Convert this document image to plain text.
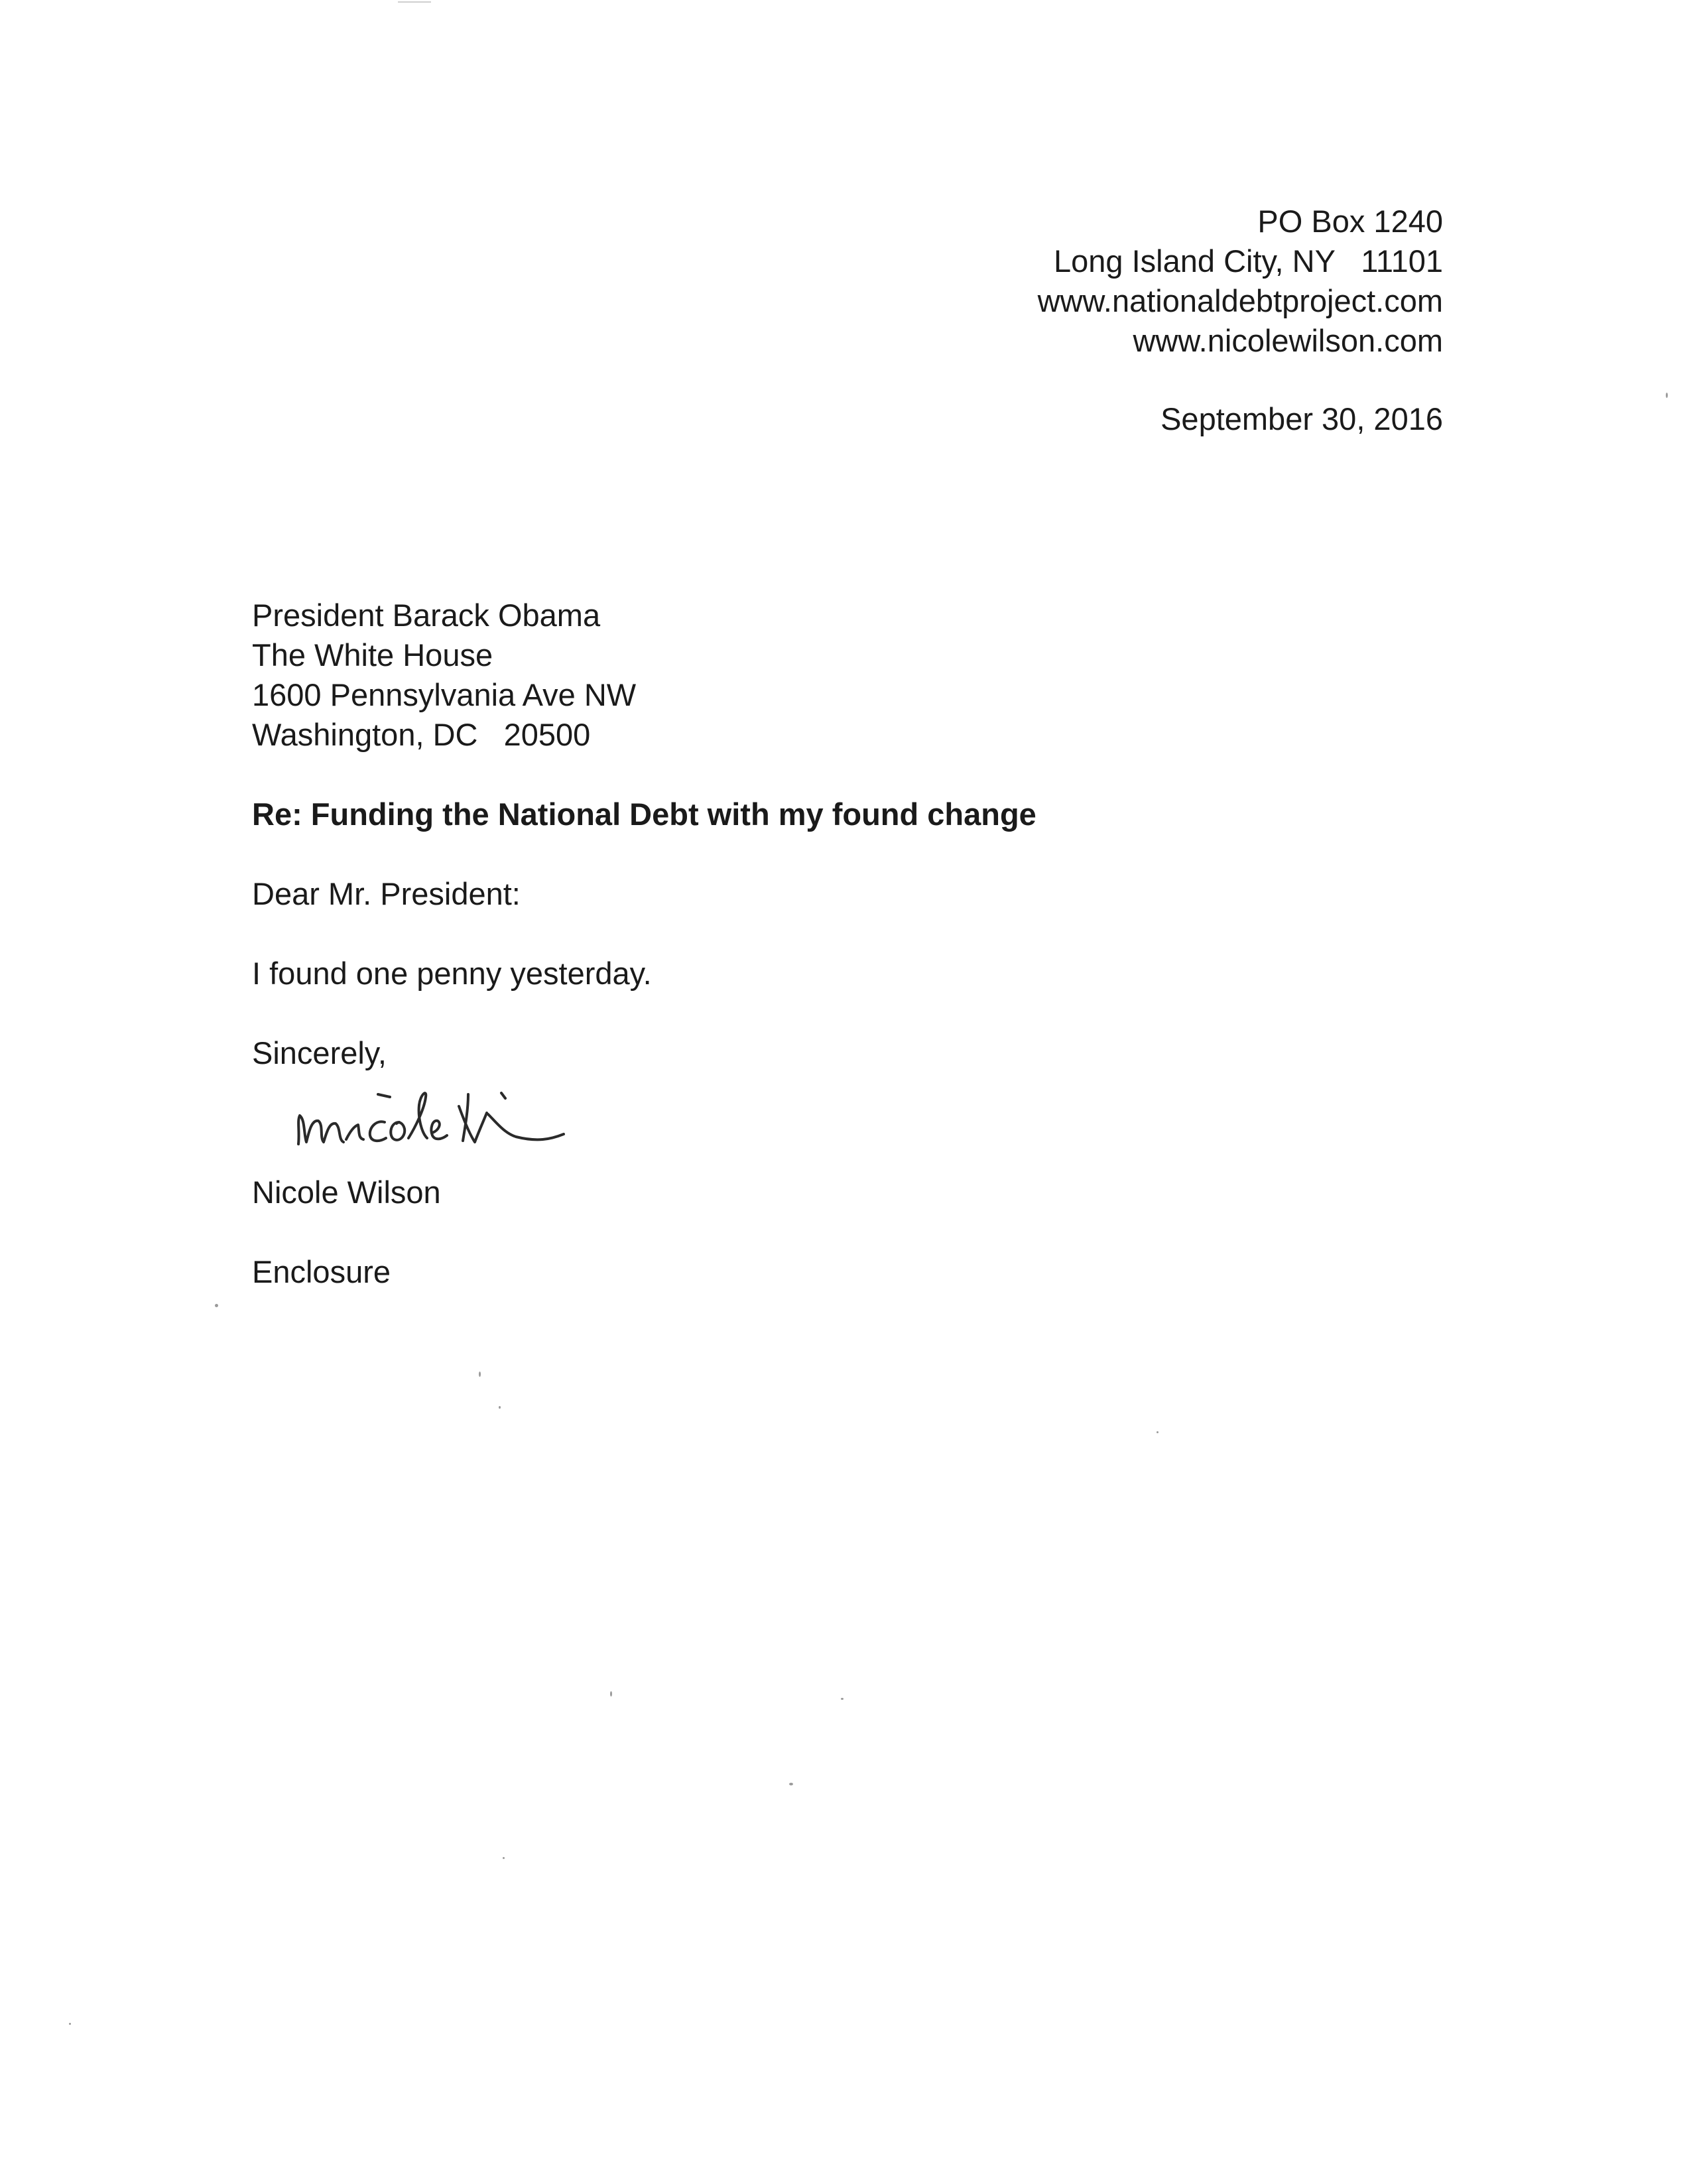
PO Box 1240
Long Island City, NY   11101
www.nationaldebtproject.com
www.nicolewilson.com
September 30, 2016
President Barack Obama
The White House
1600 Pennsylvania Ave NW
Washington, DC   20500
Re: Funding the National Debt with my found change
Dear Mr. President:
I found one penny yesterday.
Sincerely,
Nicole Wilson
Enclosure
